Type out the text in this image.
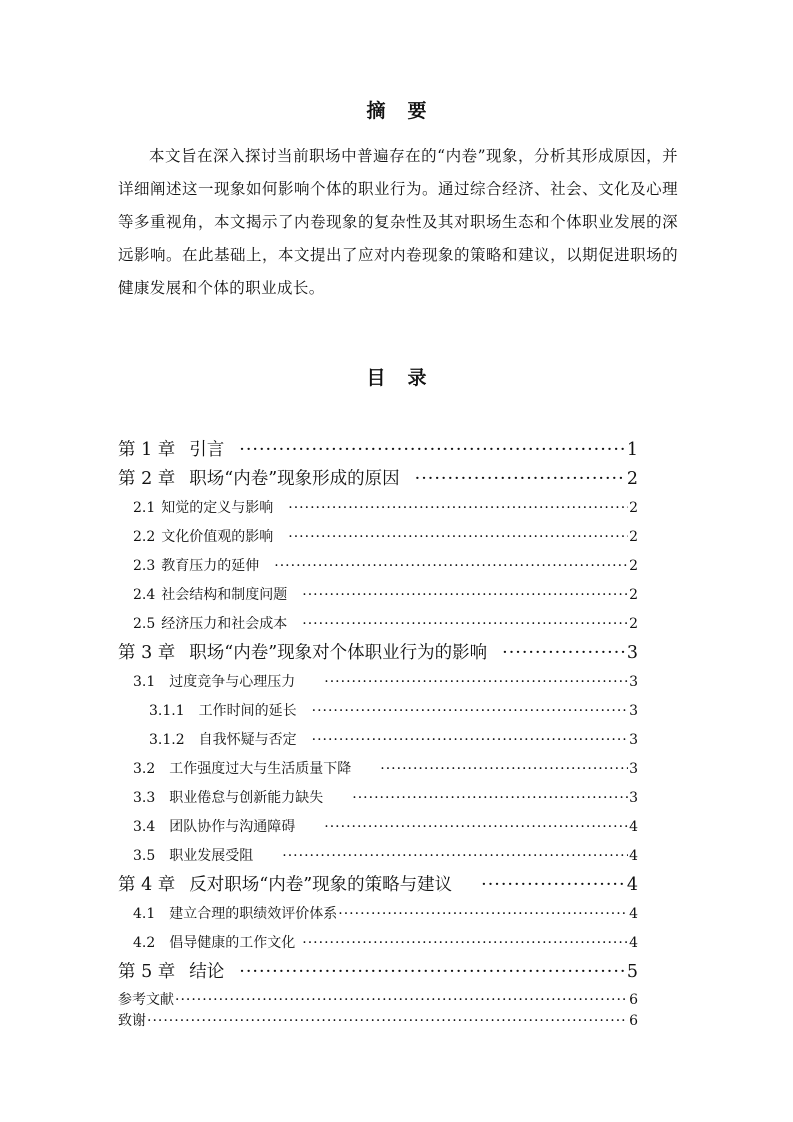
摘要
本文旨在深入探讨当前职场中普遍存在的“内卷”现象，分析其形成原因，并详细阐述这一现象如何影响个体的职业行为。通过综合经济、社会、文化及心理等多重视角，本文揭示了内卷现象的复杂性及其对职场生态和个体职业发展的深远影响。在此基础上，本文提出了应对内卷现象的策略和建议，以期促进职场的健康发展和个体的职业成长。
目录
第 1 章 引言 ·····	1
第 2 章 职场“内卷”现象形成的原因 ·····	2
2.1 知觉的定义与影响 ·····	2
2.2 文化价值观的影响 ·····	2
2.3 教育压力的延伸 ·····	2
2.4 社会结构和制度问题 ·····	2
2.5 经济压力和社会成本 ·····	2
第 3 章 职场“内卷”现象对个体职业行为的影响 ·····	3
3.1 过度竞争与心理压力 ·····	3
3.1.1 工作时间的延长 ·····	3
3.1.2 自我怀疑与否定 ·····	3
3.2 工作强度过大与生活质量下降 ·····	3
3.3 职业倦怠与创新能力缺失 ·····	3
3.4 团队协作与沟通障碍 ·····	4
3.5 职业发展受阻 ·····	4
第 4 章 反对职场“内卷”现象的策略与建议 ·····	4
4.1 建立合理的职绩效评价体系 ·····	4
4.2 倡导健康的工作文化 ·····	4
第 5 章 结论 ·····	5
参考文献 ·····	6
致谢 ·····	6
